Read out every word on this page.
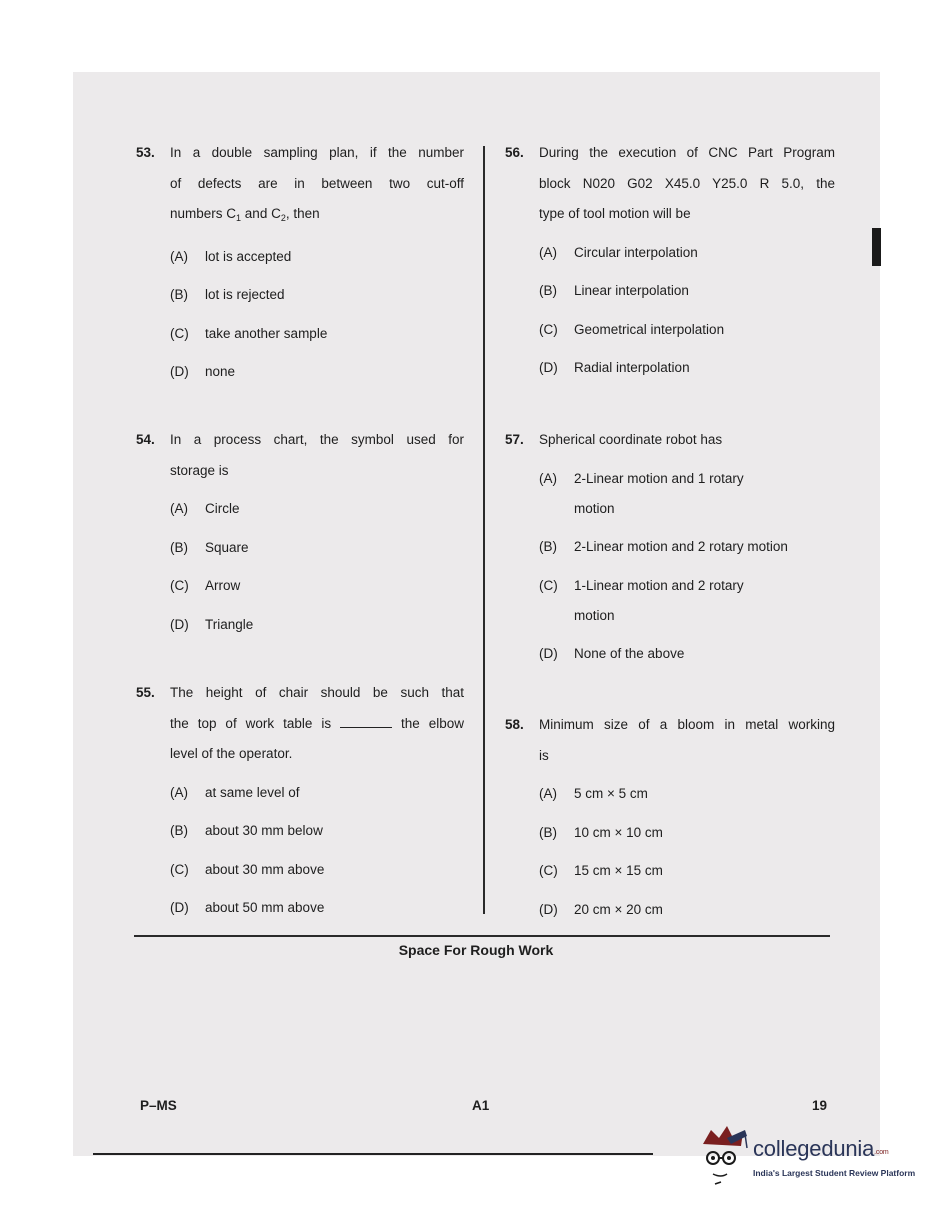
53. In a double sampling plan, if the number
of defects are in between two cut-off
numbers $C_1$ and $C_2$, then
(A) lot is accepted
(B) lot is rejected
(C) take another sample
(D) none
54. In a process chart, the symbol used for
storage is
(A) Circle
(B) Square
(C) Arrow
(D) Triangle
55. The height of chair should be such that
the top of work table is	the elbow
level of the operator.
(A) at same level of
(B) about 30 mm below
(C) about 30 mm above
(D) about 50 mm above
56. During the execution of CNC Part Program
block N020 G02 X45.0 Y25.0 R 5.0, the
type of tool motion will be
(A) Circular interpolation
(B) Linear interpolation
(C) Geometrical interpolation
(D) Radial interpolation
57. Spherical coordinate robot has
(A) 2-Linear motion and 1 rotary motion
(B) 2-Linear motion and 2 rotary motion
(C) 1-Linear motion and 2 rotary motion
(D) None of the above
58. Minimum size of a bloom in metal working
is
(A) 5 cm × 5 cm
(B) 10 cm × 10 cm
(C) 15 cm × 15 cm
(D) 20 cm × 20 cm
Space For Rough Work
P–MS	A1	19
collegedunia.com
India's Largest Student Review Platform
